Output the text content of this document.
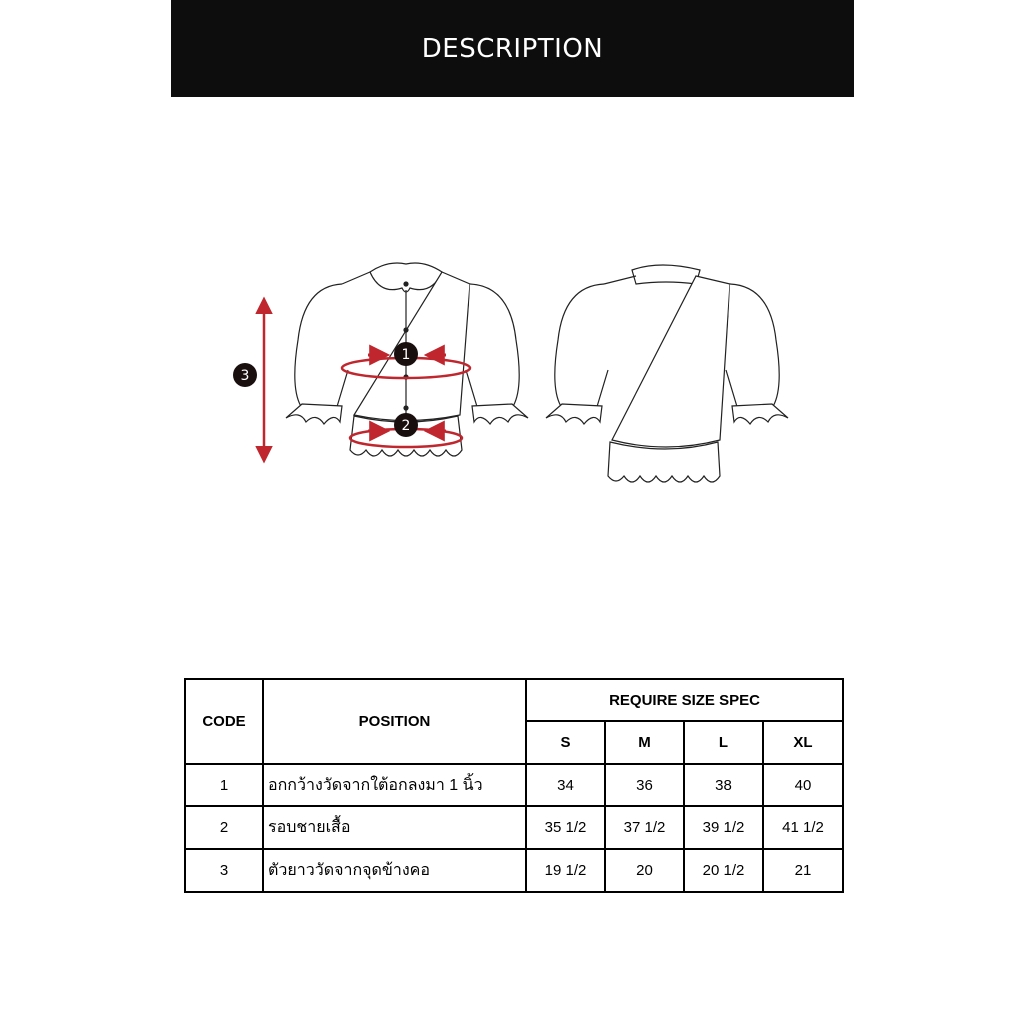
DESCRIPTION
1
2
3
CODE	POSITION	REQUIRE SIZE SPEC			
		S	M	L	XL
1	อกกว้างวัดจากใต้อกลงมา 1 นิ้ว	34	36	38	40
2	รอบชายเสื้อ	35 1/2	37 1/2	39 1/2	41 1/2
3	ตัวยาววัดจากจุดข้างคอ	19 1/2	20	20 1/2	21
